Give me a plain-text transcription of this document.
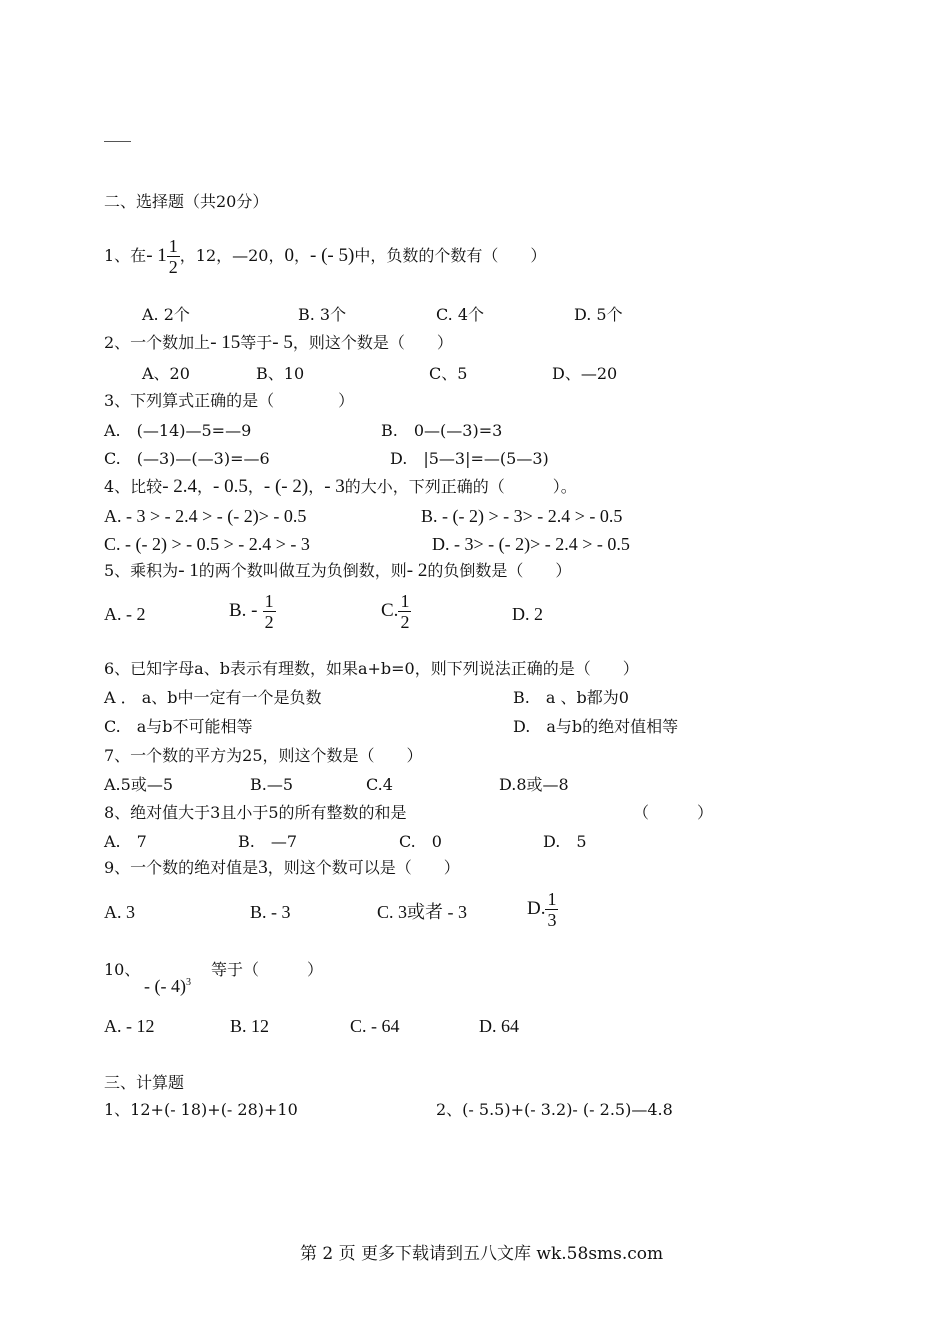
二、选择题（共20分）
1、在- $1 \frac{1}{2}$ ，12，—20，0，- (- 5)中，负数的个数有（　　）
A. 2个	B. 3个	C. 4个	D. 5个
2、一个数加上- 15等于- 5，则这个数是（　　）
A、20	B、10	C、5	D、—20
3、下列算式正确的是（　　　　）
A.　(—14)—5=—9	B.　0—(—3)=3
C.　(—3)—(—3)=—6	D.　|5—3|=—(5—3)
4、比较- 2.4，- 0.5，- (- 2)，- 3的大小，下列正确的（　　　）。
A. - 3 > - 2.4 > - (- 2)> - 0.5	B. - (- 2) > - 3> - 2.4 > - 0.5
C. - (- 2) > - 0.5 > - 2.4 > - 3	D. - 3> - (- 2)> - 2.4 > - 0.5
5、乘积为- 1的两个数叫做互为负倒数，则- 2的负倒数是（　　）
A. - 2	B. - $\frac{1}{2}$	C. $\frac{1}{2}$	D. 2
6、已知字母a、b表示有理数，如果a+b=0，则下列说法正确的是（　　）
A ． a、b中一定有一个是负数	B.　a 、b都为0
C.　a与b不可能相等	D.　a与b的绝对值相等
7、一个数的平方为25，则这个数是（　　）
A.5或—5	B.—5	C.4	D.8或—8
8、绝对值大于3且小于5的所有整数的和是	（　　　）
A.　7	B.　—7	C.　0	D.　5
9、一个数的绝对值是3，则这个数可以是（　　）
A. 3	B. - 3	C. 3或者 - 3	D. $\frac{1}{3}$
10、
- (- 4)$^3$
等于（　　　）
A. - 12	B. 12	C. - 64	D. 64
三、计算题
1、12+(- 18)+(- 28)+10	2、(- 5.5)+(- 3.2)- (- 2.5)—4.8
第 2 页 更多下载请到五八文库 wk.58sms.com
